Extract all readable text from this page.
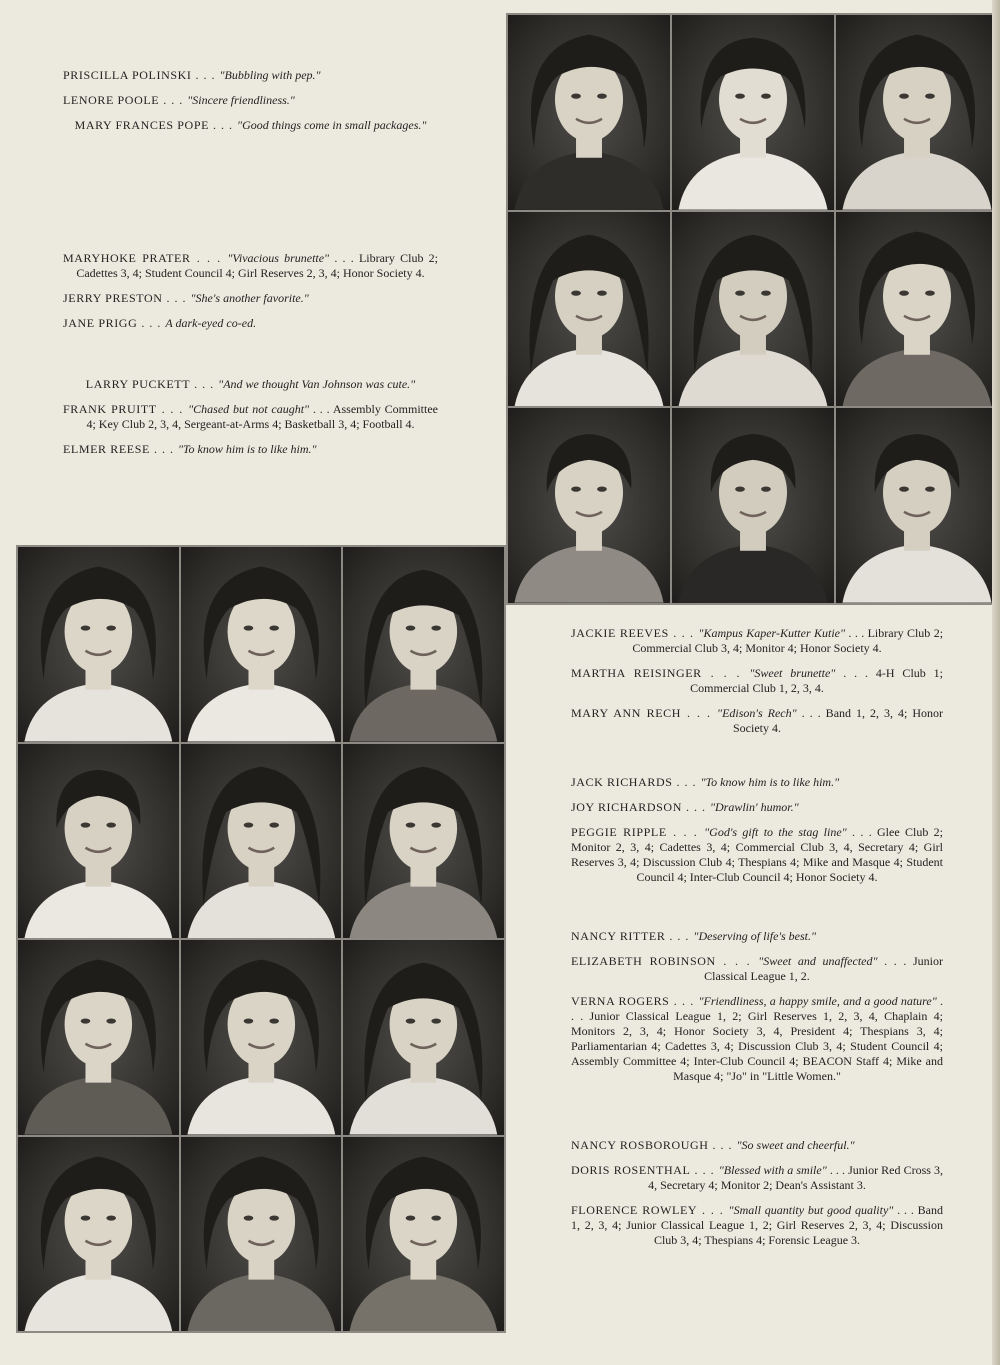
PRISCILLA POLINSKI . . . "Bubbling with pep."

LENORE POOLE . . . "Sincere friendliness."

MARY FRANCES POPE . . . "Good things come in small packages."

MARYHOKE PRATER . . . "Vivacious brunette" . . . Library Club 2; Cadettes 3, 4; Student Council 4; Girl Reserves 2, 3, 4; Honor Society 4.

JERRY PRESTON . . . "She's another favorite."

JANE PRIGG . . . A dark-eyed co-ed.

LARRY PUCKETT . . . "And we thought Van Johnson was cute."

FRANK PRUITT . . . "Chased but not caught" . . . Assembly Committee 4; Key Club 2, 3, 4, Sergeant-at-Arms 4; Basketball 3, 4; Football 4.

ELMER REESE . . . "To know him is to like him."

JACKIE REEVES . . . "Kampus Kaper-Kutter Kutie" . . . Library Club 2; Commercial Club 3, 4; Monitor 4; Honor Society 4.

MARTHA REISINGER . . . "Sweet brunette" . . . 4-H Club 1; Commercial Club 1, 2, 3, 4.

MARY ANN RECH . . . "Edison's Rech" . . . Band 1, 2, 3, 4; Honor Society 4.

JACK RICHARDS . . . "To know him is to like him."

JOY RICHARDSON . . . "Drawlin' humor."

PEGGIE RIPPLE . . . "God's gift to the stag line" . . . Glee Club 2; Monitor 2, 3, 4; Cadettes 3, 4; Commercial Club 3, 4, Secretary 4; Girl Reserves 3, 4; Discussion Club 4; Thespians 4; Mike and Masque 4; Student Council 4; Inter-Club Council 4; Honor Society 4.

NANCY RITTER . . . "Deserving of life's best."

ELIZABETH ROBINSON . . . "Sweet and unaffected" . . . Junior Classical League 1, 2.

VERNA ROGERS . . . "Friendliness, a happy smile, and a good nature" . . . Junior Classical League 1, 2; Girl Reserves 1, 2, 3, 4, Chaplain 4; Monitors 2, 3, 4; Honor Society 3, 4, President 4; Thespians 3, 4; Parliamentarian 4; Cadettes 3, 4; Discussion Club 3, 4; Student Council 4; Assembly Committee 4; Inter-Club Council 4; BEACON Staff 4; Mike and Masque 4; "Jo" in "Little Women."

NANCY ROSBOROUGH . . . "So sweet and cheerful."

DORIS ROSENTHAL . . . "Blessed with a smile" . . . Junior Red Cross 3, 4, Secretary 4; Monitor 2; Dean's Assistant 3.

FLORENCE ROWLEY . . . "Small quantity but good quality" . . . Band 1, 2, 3, 4; Junior Classical League 1, 2; Girl Reserves 2, 3, 4; Discussion Club 3, 4; Thespians 4; Forensic League 3.
